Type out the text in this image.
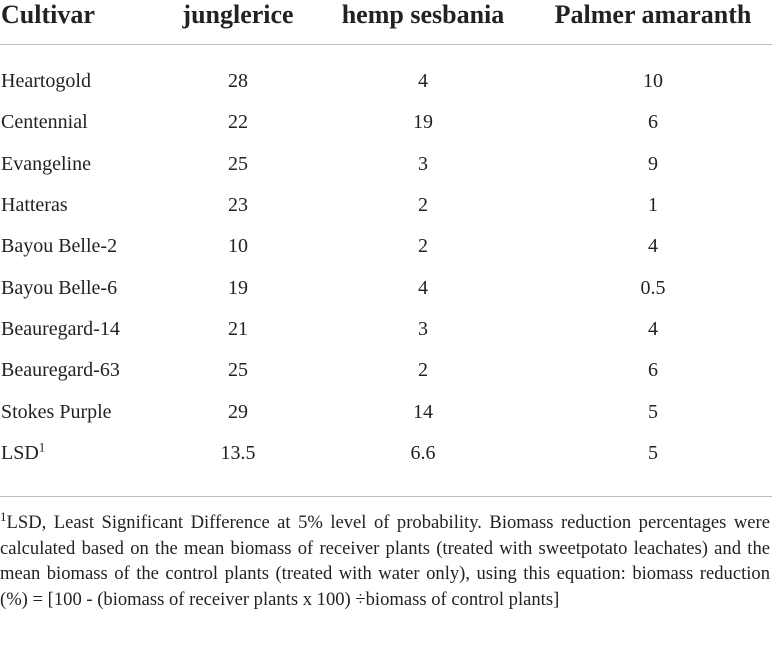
Cultivar	junglerice	hemp sesbania	Palmer amaranth
Heartogold	28	4	10
Centennial	22	19	6
Evangeline	25	3	9
Hatteras	23	2	1
Bayou Belle-2	10	2	4
Bayou Belle-6	19	4	0.5
Beauregard-14	21	3	4
Beauregard-63	25	2	6
Stokes Purple	29	14	5
LSD$^1$	13.5	6.6	5
$^1$LSD, Least Significant Difference at 5% level of probability. Biomass reduction percentages were calculated based on the mean biomass of receiver plants (treated with sweetpotato leachates) and the mean biomass of the control plants (treated with water only), using this equation: biomass reduction (%) = [100 - (biomass of receiver plants x 100) ÷biomass of control plants]
